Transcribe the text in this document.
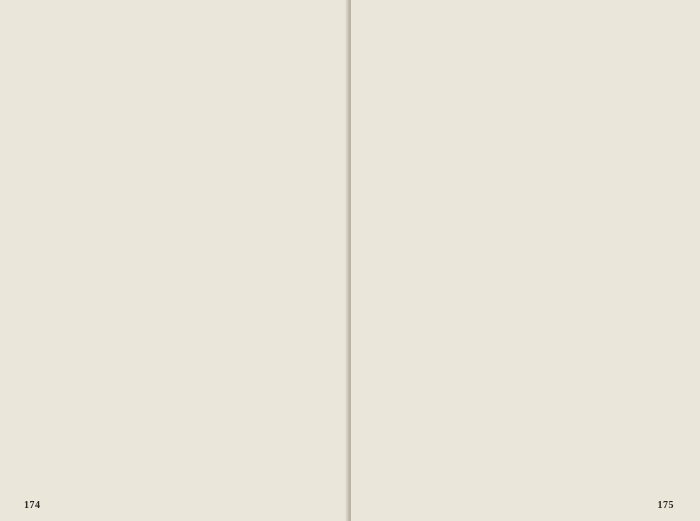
174	175
